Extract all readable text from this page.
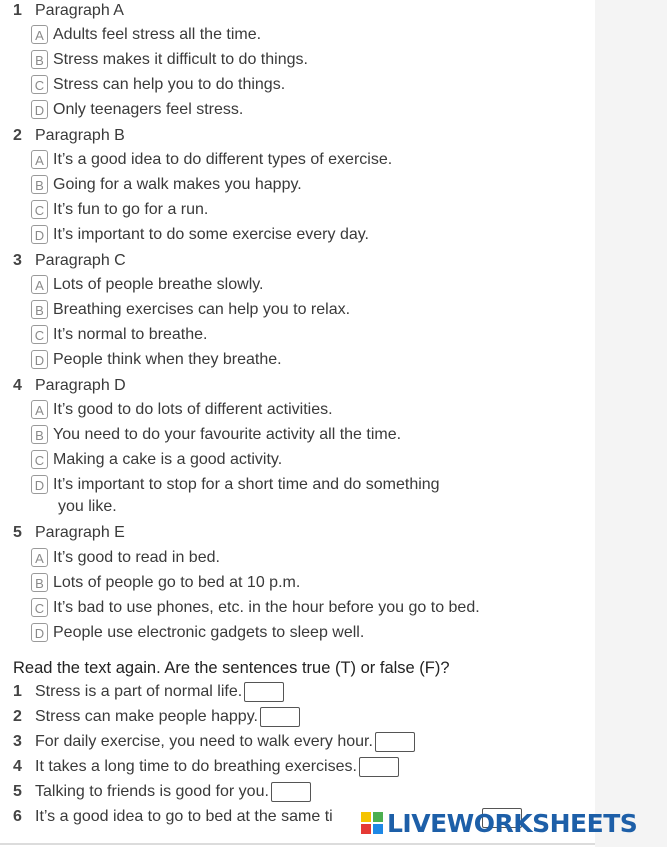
1 Paragraph A
A Adults feel stress all the time.
B Stress makes it difficult to do things.
C Stress can help you to do things.
D Only teenagers feel stress.
2 Paragraph B
A It’s a good idea to do different types of exercise.
B Going for a walk makes you happy.
C It’s fun to go for a run.
D It’s important to do some exercise every day.
3 Paragraph C
A Lots of people breathe slowly.
B Breathing exercises can help you to relax.
C It’s normal to breathe.
D People think when they breathe.
4 Paragraph D
A It’s good to do lots of different activities.
B You need to do your favourite activity all the time.
C Making a cake is a good activity.
D It’s important to stop for a short time and do something
you like.
5 Paragraph E
A It’s good to read in bed.
B Lots of people go to bed at 10 p.m.
C It’s bad to use phones, etc. in the hour before you go to bed.
D People use electronic gadgets to sleep well.
Read the text again. Are the sentences true (T) or false (F)?
1 Stress is a part of normal life.
2 Stress can make people happy.
3 For daily exercise, you need to walk every hour.
4 It takes a long time to do breathing exercises.
5 Talking to friends is good for you.
6 It’s a good idea to go to bed at the same ti LIVEWORKSHEETS
